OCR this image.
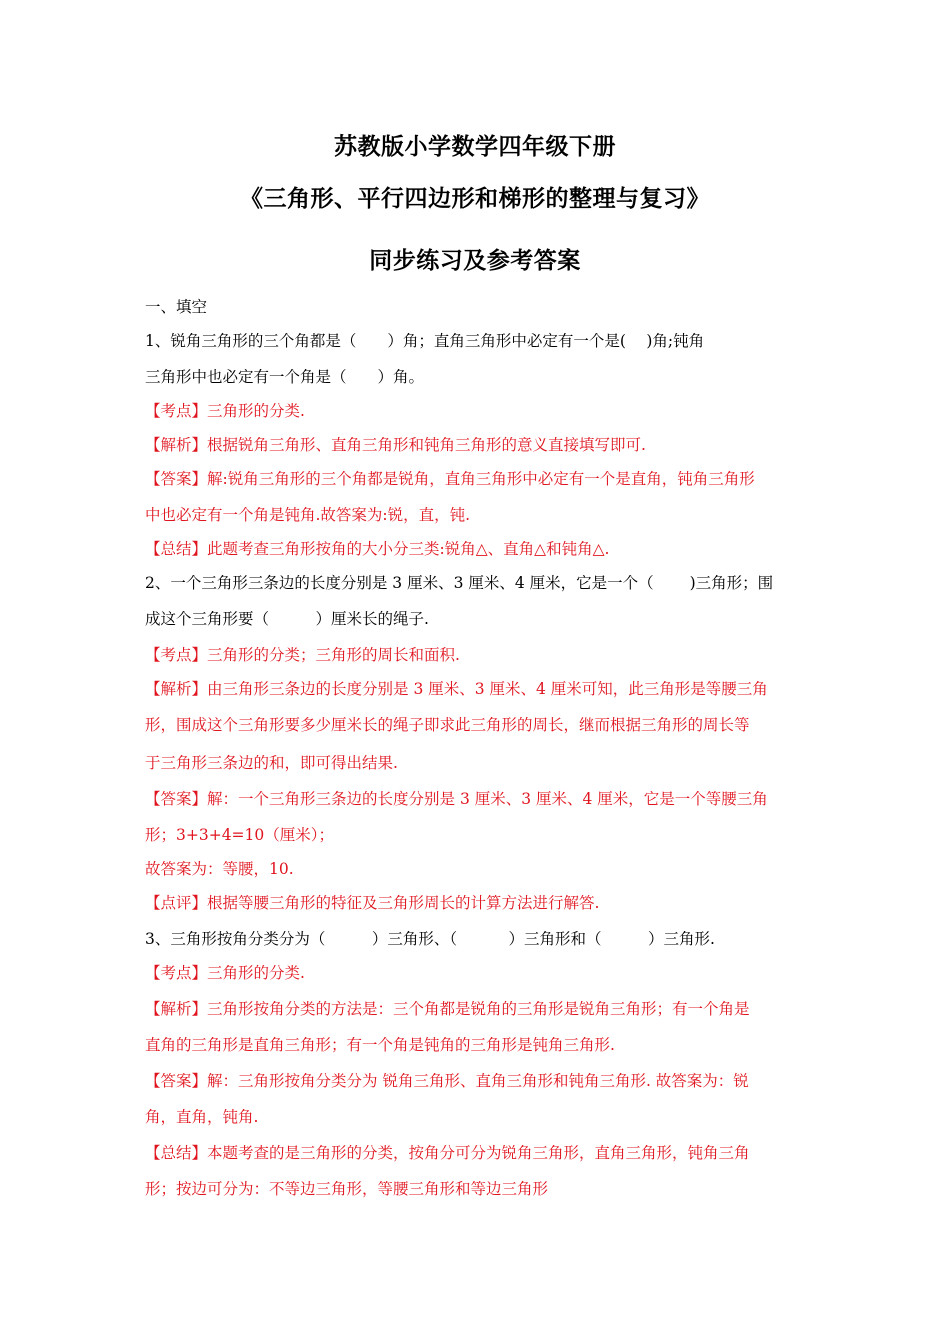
苏教版小学数学四年级下册
《三角形、平行四边形和梯形的整理与复习》
同步练习及参考答案
一、填空
1、锐角三角形的三个角都是（　　）角；直角三角形中必定有一个是(　 )角;钝角
三角形中也必定有一个角是（　　）角。
【考点】三角形的分类.
【解析】根据锐角三角形、直角三角形和钝角三角形的意义直接填写即可.
【答案】解:锐角三角形的三个角都是锐角，直角三角形中必定有一个是直角，钝角三角形
中也必定有一个角是钝角.故答案为:锐，直，钝.
【总结】此题考查三角形按角的大小分三类:锐角△、直角△和钝角△.
2、一个三角形三条边的长度分别是 3 厘米、3 厘米、4 厘米，它是一个（　　 )三角形；围
成这个三角形要（　　　）厘米长的绳子.
【考点】三角形的分类；三角形的周长和面积.
【解析】由三角形三条边的长度分别是 3 厘米、3 厘米、4 厘米可知，此三角形是等腰三角
形，围成这个三角形要多少厘米长的绳子即求此三角形的周长，继而根据三角形的周长等
于三角形三条边的和，即可得出结果.
【答案】解：一个三角形三条边的长度分别是 3 厘米、3 厘米、4 厘米，它是一个等腰三角
形；3+3+4=10（厘米）；
故答案为：等腰，10.
【点评】根据等腰三角形的特征及三角形周长的计算方法进行解答.
3、三角形按角分类分为（　　　）三角形、（　　　 ）三角形和（　　　）三角形.
【考点】三角形的分类.
【解析】三角形按角分类的方法是：三个角都是锐角的三角形是锐角三角形；有一个角是
直角的三角形是直角三角形；有一个角是钝角的三角形是钝角三角形.
【答案】解：三角形按角分类分为 锐角三角形、直角三角形和钝角三角形. 故答案为：锐
角，直角，钝角.
【总结】本题考查的是三角形的分类，按角分可分为锐角三角形，直角三角形，钝角三角
形；按边可分为：不等边三角形，等腰三角形和等边三角形
